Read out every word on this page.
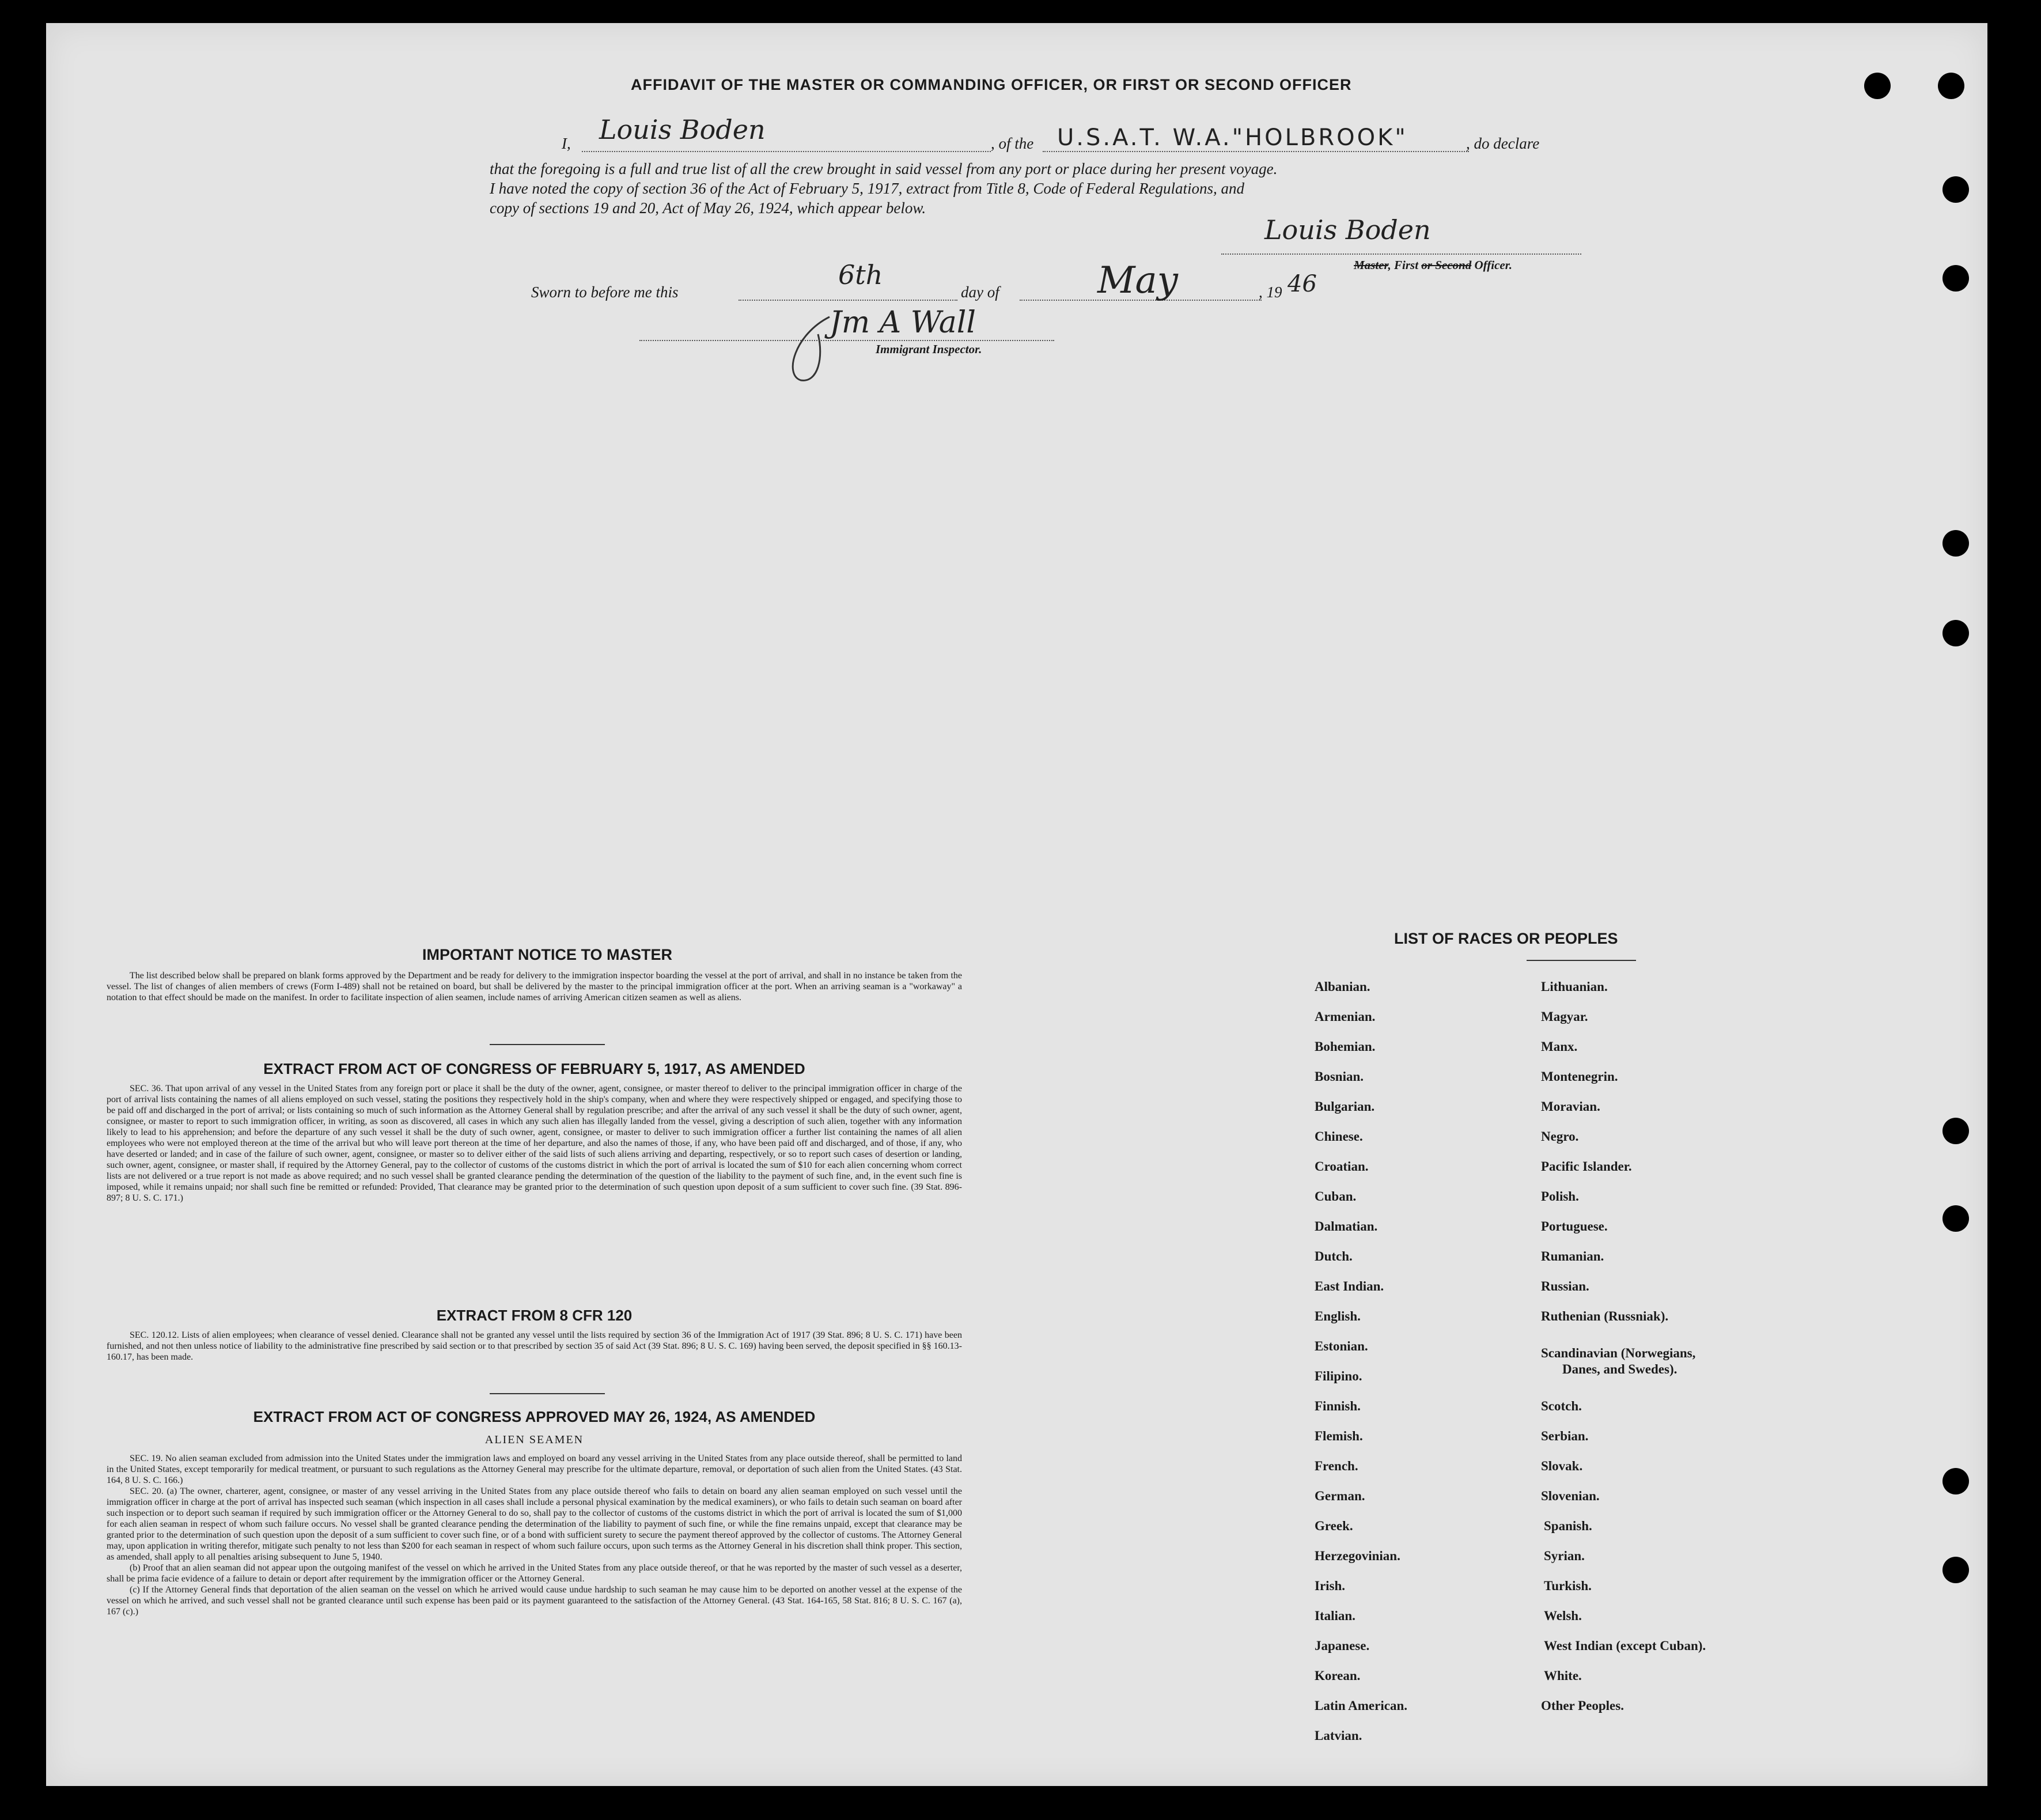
AFFIDAVIT OF THE MASTER OR COMMANDING OFFICER, OR FIRST OR SECOND OFFICER
I, Louis Boden	, of the U.S.A.T. W.A."HOLBROOK"	, do declare
that the foregoing is a full and true list of all the crew brought in said vessel from any port or place during her present voyage.
I have noted the copy of section 36 of the Act of February 5, 1917, extract from Title 8, Code of Federal Regulations, and
copy of sections 19 and 20, Act of May 26, 1924, which appear below.
Louis Boden
Master, First or Second Officer.
Sworn to before me this
6th
day of	May	, 19 46
Jm A Wall
Immigrant Inspector.
IMPORTANT NOTICE TO MASTER
The list described below shall be prepared on blank forms approved by the Department and be ready for delivery to the immigration inspector boarding the vessel at the port of arrival, and shall in no instance be taken from the vessel. The list of changes of alien members of crews (Form I-489) shall not be retained on board, but shall be delivered by the master to the principal immigration officer at the port. When an arriving seaman is a "workaway" a notation to that effect should be made on the manifest. In order to facilitate inspection of alien seamen, include names of arriving American citizen seamen as well as aliens.
EXTRACT FROM ACT OF CONGRESS OF FEBRUARY 5, 1917, AS AMENDED
SEC. 36. That upon arrival of any vessel in the United States from any foreign port or place it shall be the duty of the owner, agent, consignee, or master thereof to deliver to the principal immigration officer in charge of the port of arrival lists containing the names of all aliens employed on such vessel, stating the positions they respectively hold in the ship's company, when and where they were respectively shipped or engaged, and specifying those to be paid off and discharged in the port of arrival; or lists containing so much of such information as the Attorney General shall by regulation prescribe; and after the arrival of any such vessel it shall be the duty of such owner, agent, consignee, or master to report to such immigration officer, in writing, as soon as discovered, all cases in which any such alien has illegally landed from the vessel, giving a description of such alien, together with any information likely to lead to his apprehension; and before the departure of any such vessel it shall be the duty of such owner, agent, consignee, or master to deliver to such immigration officer a further list containing the names of all alien employees who were not employed thereon at the time of the arrival but who will leave port thereon at the time of her departure, and also the names of those, if any, who have been paid off and discharged, and of those, if any, who have deserted or landed; and in case of the failure of such owner, agent, consignee, or master so to deliver either of the said lists of such aliens arriving and departing, respectively, or so to report such cases of desertion or landing, such owner, agent, consignee, or master shall, if required by the Attorney General, pay to the collector of customs of the customs district in which the port of arrival is located the sum of $10 for each alien concerning whom correct lists are not delivered or a true report is not made as above required; and no such vessel shall be granted clearance pending the determination of the question of the liability to the payment of such fine, and, in the event such fine is imposed, while it remains unpaid; nor shall such fine be remitted or refunded: Provided, That clearance may be granted prior to the determination of such question upon deposit of a sum sufficient to cover such fine. (39 Stat. 896-897; 8 U. S. C. 171.)
EXTRACT FROM 8 CFR 120
SEC. 120.12. Lists of alien employees; when clearance of vessel denied. Clearance shall not be granted any vessel until the lists required by section 36 of the Immigration Act of 1917 (39 Stat. 896; 8 U. S. C. 171) have been furnished, and not then unless notice of liability to the administrative fine prescribed by said section or to that prescribed by section 35 of said Act (39 Stat. 896; 8 U. S. C. 169) having been served, the deposit specified in §§ 160.13-160.17, has been made.
EXTRACT FROM ACT OF CONGRESS APPROVED MAY 26, 1924, AS AMENDED
ALIEN SEAMEN
SEC. 19. No alien seaman excluded from admission into the United States under the immigration laws and employed on board any vessel arriving in the United States from any place outside thereof, shall be permitted to land in the United States, except temporarily for medical treatment, or pursuant to such regulations as the Attorney General may prescribe for the ultimate departure, removal, or deportation of such alien from the United States. (43 Stat. 164, 8 U. S. C. 166.)
SEC. 20. (a) The owner, charterer, agent, consignee, or master of any vessel arriving in the United States from any place outside thereof who fails to detain on board any alien seaman employed on such vessel until the immigration officer in charge at the port of arrival has inspected such seaman (which inspection in all cases shall include a personal physical examination by the medical examiners), or who fails to detain such seaman on board after such inspection or to deport such seaman if required by such immigration officer or the Attorney General to do so, shall pay to the collector of customs of the customs district in which the port of arrival is located the sum of $1,000 for each alien seaman in respect of whom such failure occurs. No vessel shall be granted clearance pending the determination of the liability to payment of such fine, or while the fine remains unpaid, except that clearance may be granted prior to the determination of such question upon the deposit of a sum sufficient to cover such fine, or of a bond with sufficient surety to secure the payment thereof approved by the collector of customs. The Attorney General may, upon application in writing therefor, mitigate such penalty to not less than $200 for each seaman in respect of whom such failure occurs, upon such terms as the Attorney General in his discretion shall think proper. This section, as amended, shall apply to all penalties arising subsequent to June 5, 1940.
(b) Proof that an alien seaman did not appear upon the outgoing manifest of the vessel on which he arrived in the United States from any place outside thereof, or that he was reported by the master of such vessel as a deserter, shall be prima facie evidence of a failure to detain or deport after requirement by the immigration officer or the Attorney General.
(c) If the Attorney General finds that deportation of the alien seaman on the vessel on which he arrived would cause undue hardship to such seaman he may cause him to be deported on another vessel at the expense of the vessel on which he arrived, and such vessel shall not be granted clearance until such expense has been paid or its payment guaranteed to the satisfaction of the Attorney General. (43 Stat. 164-165, 58 Stat. 816; 8 U. S. C. 167 (a), 167 (c).)
LIST OF RACES OR PEOPLES
Albanian.
Armenian.
Bohemian.
Bosnian.
Bulgarian.
Chinese.
Croatian.
Cuban.
Dalmatian.
Dutch.
East Indian.
English.
Estonian.
Filipino.
Finnish.
Flemish.
French.
German.
Greek.
Herzegovinian.
Irish.
Italian.
Japanese.
Korean.
Latin American.
Latvian.
Lithuanian.
Magyar.
Manx.
Montenegrin.
Moravian.
Negro.
Pacific Islander.
Polish.
Portuguese.
Rumanian.
Russian.
Ruthenian (Russniak).
Scandinavian (Norwegians,
Danes, and Swedes).
Scotch.
Serbian.
Slovak.
Slovenian.
Spanish.
Syrian.
Turkish.
Welsh.
West Indian (except Cuban).
White.
Other Peoples.
